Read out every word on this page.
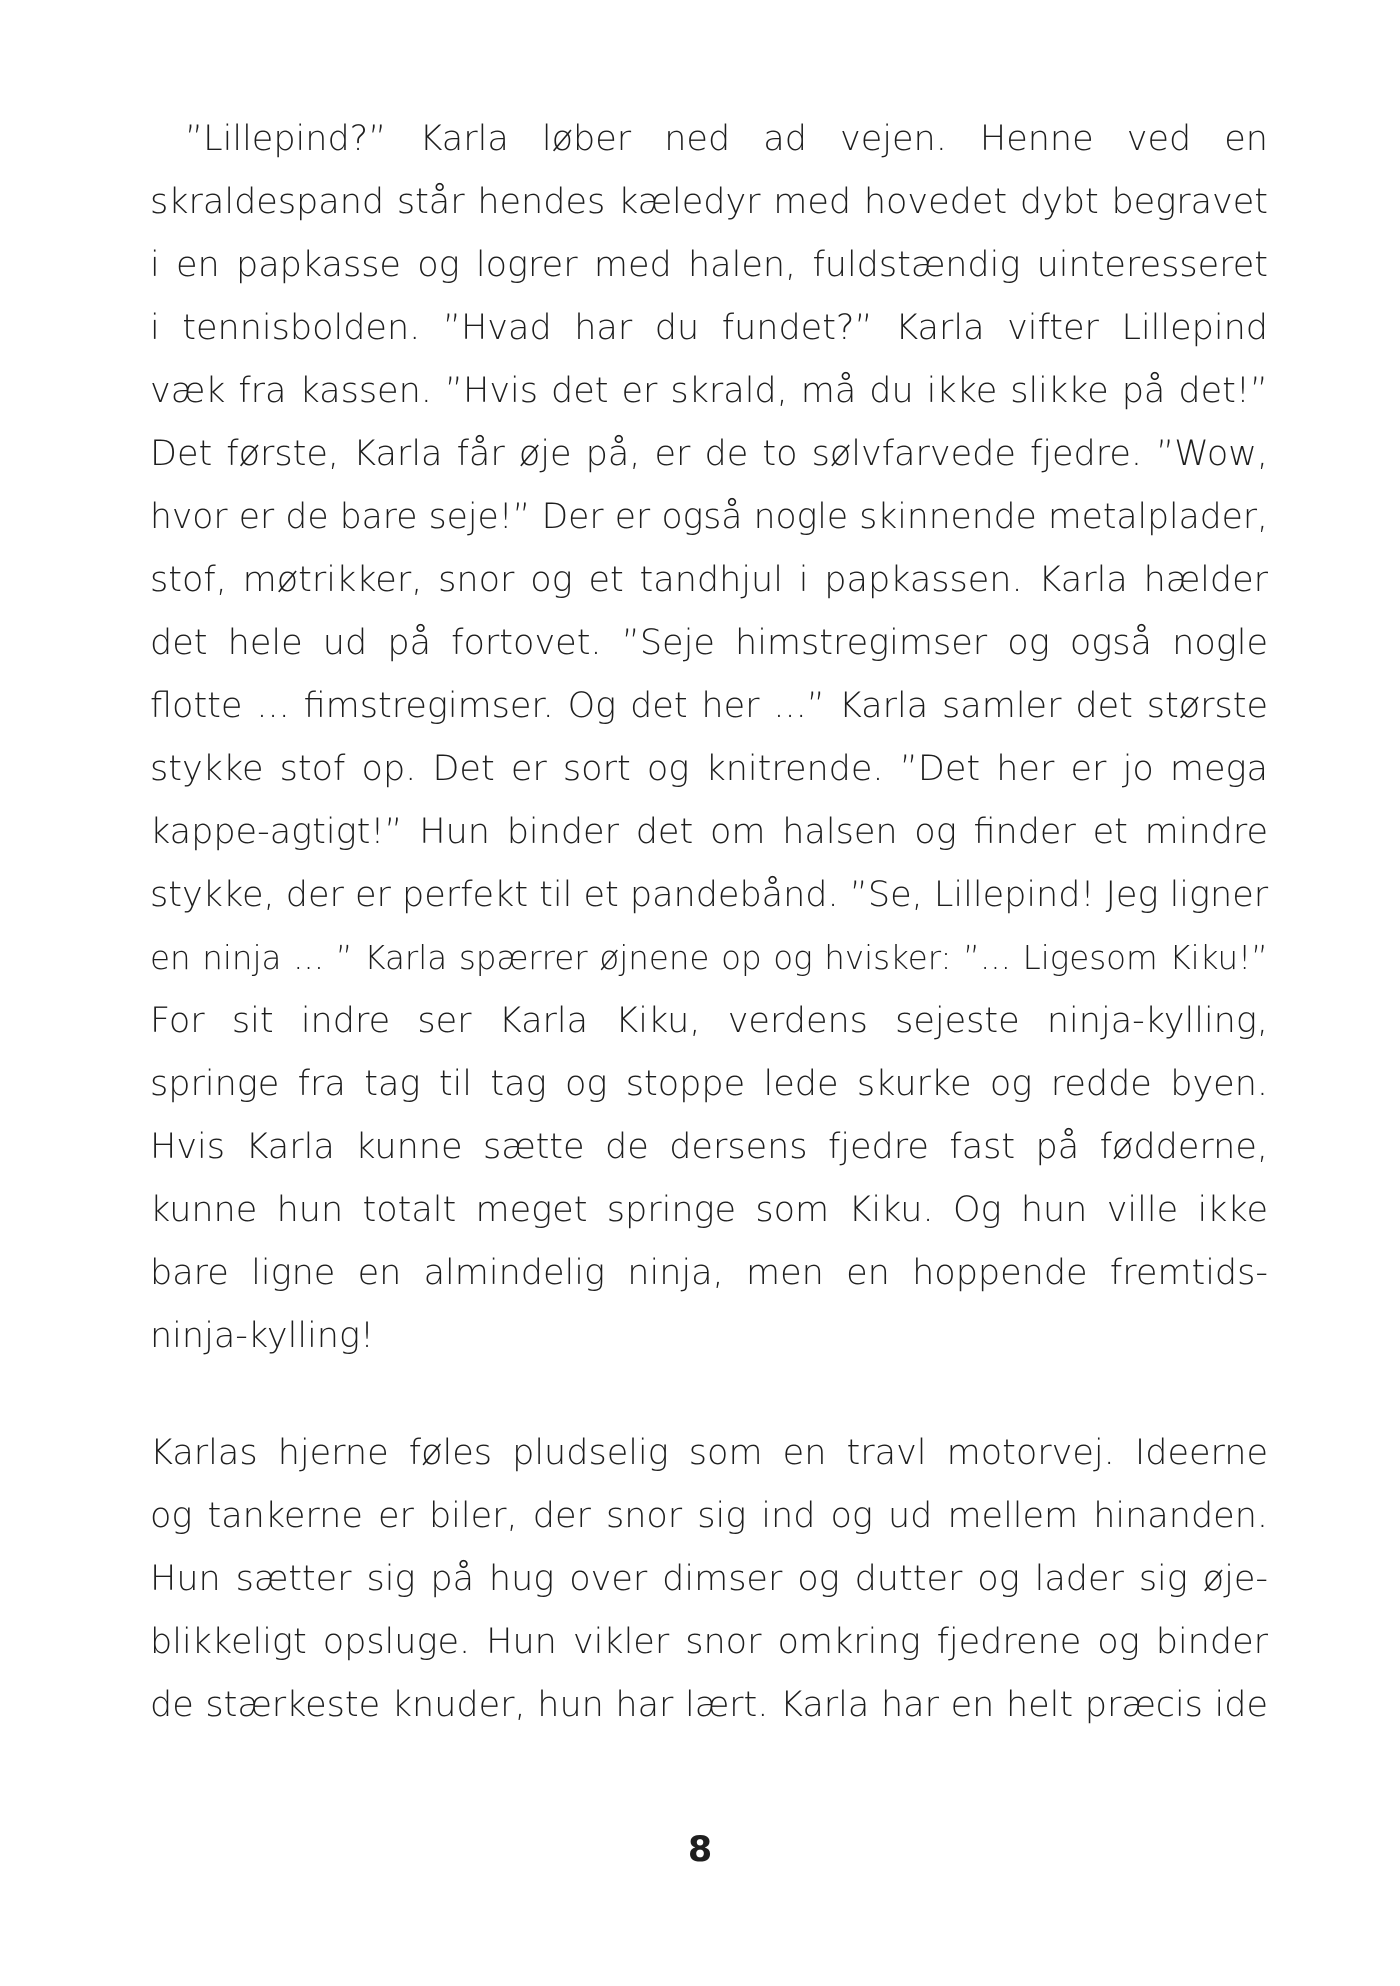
”Lillepind?” Karla løber ned ad vejen. Henne ved en
skraldespand står hendes kæledyr med hovedet dybt begravet
i en papkasse og logrer med halen, fuldstændig uinteresseret
i tennisbolden. ”Hvad har du fundet?” Karla vifter Lillepind
væk fra kassen. ”Hvis det er skrald, må du ikke slikke på det!”
Det første, Karla får øje på, er de to sølvfarvede fjedre. ”Wow,
hvor er de bare seje!” Der er også nogle skinnende metalplader,
stof, møtrikker, snor og et tandhjul i papkassen. Karla hælder
det hele ud på fortovet. ”Seje himstregimser og også nogle
flotte ... fimstregimser. Og det her ...” Karla samler det største
stykke stof op. Det er sort og knitrende. ”Det her er jo mega
kappe-agtigt!” Hun binder det om halsen og finder et mindre
stykke, der er perfekt til et pandebånd. ”Se, Lillepind! Jeg ligner
en ninja ... ” Karla spærrer øjnene op og hvisker: ”... Ligesom Kiku!”
For sit indre ser Karla Kiku, verdens sejeste ninja-kylling,
springe fra tag til tag og stoppe lede skurke og redde byen.
Hvis Karla kunne sætte de dersens fjedre fast på fødderne,
kunne hun totalt meget springe som Kiku. Og hun ville ikke
bare ligne en almindelig ninja, men en hoppende fremtids-
ninja-kylling!
Karlas hjerne føles pludselig som en travl motorvej. Ideerne
og tankerne er biler, der snor sig ind og ud mellem hinanden.
Hun sætter sig på hug over dimser og dutter og lader sig øje-
blikkeligt opsluge. Hun vikler snor omkring fjedrene og binder
de stærkeste knuder, hun har lært. Karla har en helt præcis ide
8
